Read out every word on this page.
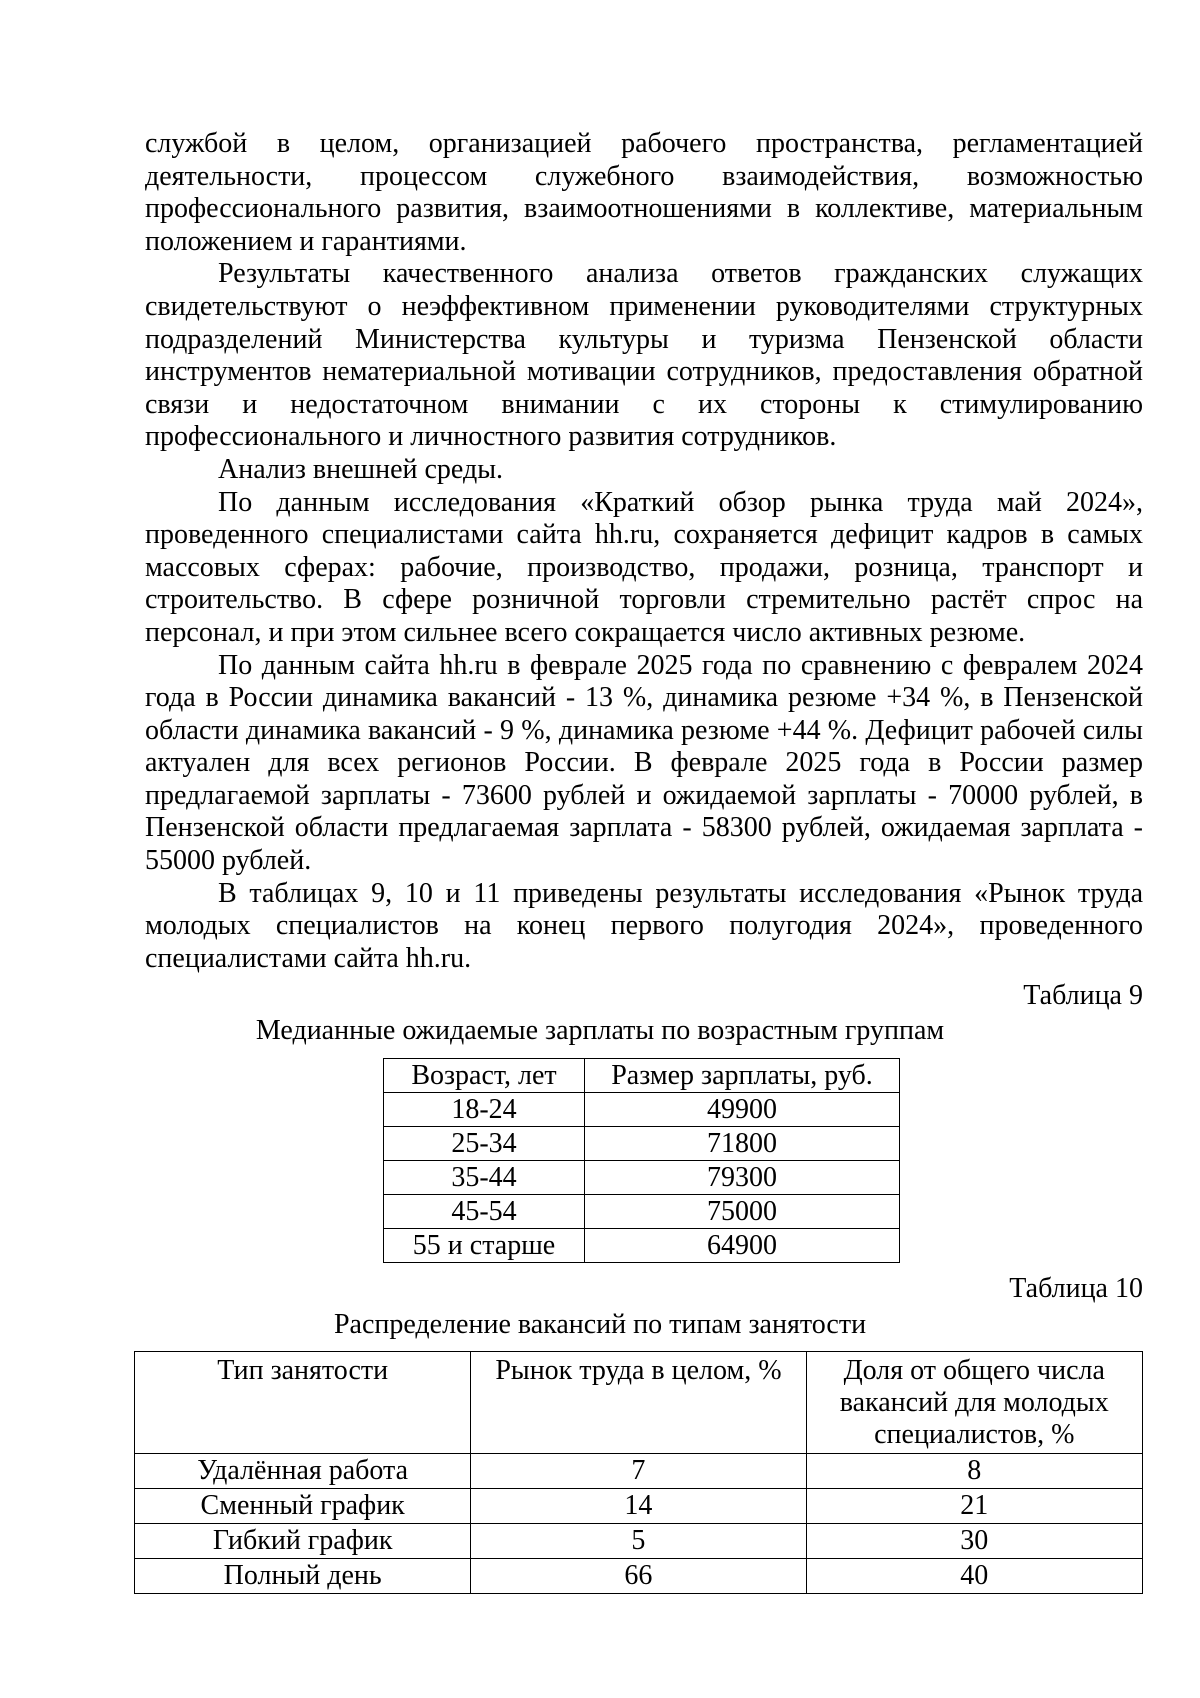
службой в целом, организацией рабочего пространства, регламентацией деятельности, процессом служебного взаимодействия, возможностью профессионального развития, взаимоотношениями в коллективе, материальным положением и гарантиями.

Результаты качественного анализа ответов гражданских служащих свидетельствуют о неэффективном применении руководителями структурных подразделений Министерства культуры и туризма Пензенской области инструментов нематериальной мотивации сотрудников, предоставления обратной связи и недостаточном внимании с их стороны к стимулированию профессионального и личностного развития сотрудников.

Анализ внешней среды.

По данным исследования «Краткий обзор рынка труда май 2024», проведенного специалистами сайта hh.ru, сохраняется дефицит кадров в самых массовых сферах: рабочие, производство, продажи, розница, транспорт и строительство. В сфере розничной торговли стремительно растёт спрос на персонал, и при этом сильнее всего сокращается число активных резюме.

По данным сайта hh.ru в феврале 2025 года по сравнению с февралем 2024 года в России динамика вакансий - 13 %, динамика резюме +34 %, в Пензенской области динамика вакансий - 9 %, динамика резюме +44 %. Дефицит рабочей силы актуален для всех регионов России. В феврале 2025 года в России размер предлагаемой зарплаты - 73600 рублей и ожидаемой зарплаты - 70000 рублей, в Пензенской области предлагаемая зарплата - 58300 рублей, ожидаемая зарплата - 55000 рублей.

В таблицах 9, 10 и 11 приведены результаты исследования «Рынок труда молодых специалистов на конец первого полугодия 2024», проведенного специалистами сайта hh.ru.

Таблица 9
Медианные ожидаемые зарплаты по возрастным группам
Возраст, лет	Размер зарплаты, руб.
18-24	49900
25-34	71800
35-44	79300
45-54	75000
55 и старше	64900
Таблица 10
Распределение вакансий по типам занятости
Тип занятости	Рынок труда в целом, %	Доля от общего числа вакансий для молодых специалистов, %
Удалённая работа	7	8
Сменный график	14	21
Гибкий график	5	30
Полный день	66	40
